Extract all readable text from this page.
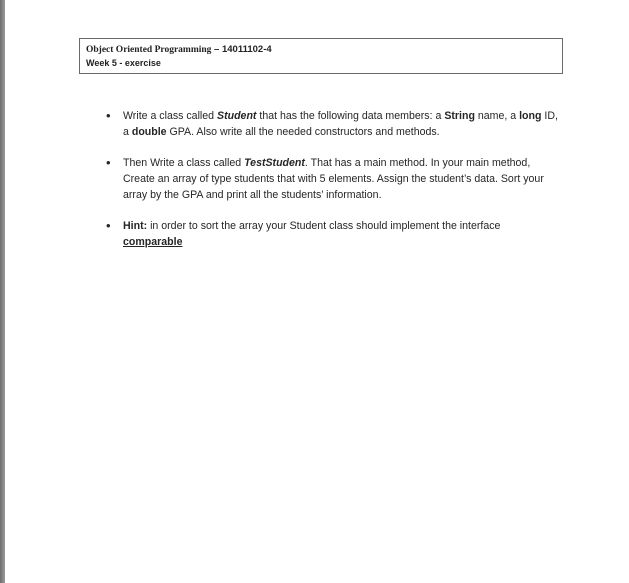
Object Oriented Programming – 14011102-4
Week 5 - exercise
• Write a class called Student that has the following data members: a String name, a long ID, a double GPA. Also write all the needed constructors and methods.
• Then Write a class called TestStudent. That has a main method. In your main method, Create an array of type students that with 5 elements. Assign the student’s data. Sort your array by the GPA and print all the students’ information.
• Hint: in order to sort the array your Student class should implement the interface comparable
